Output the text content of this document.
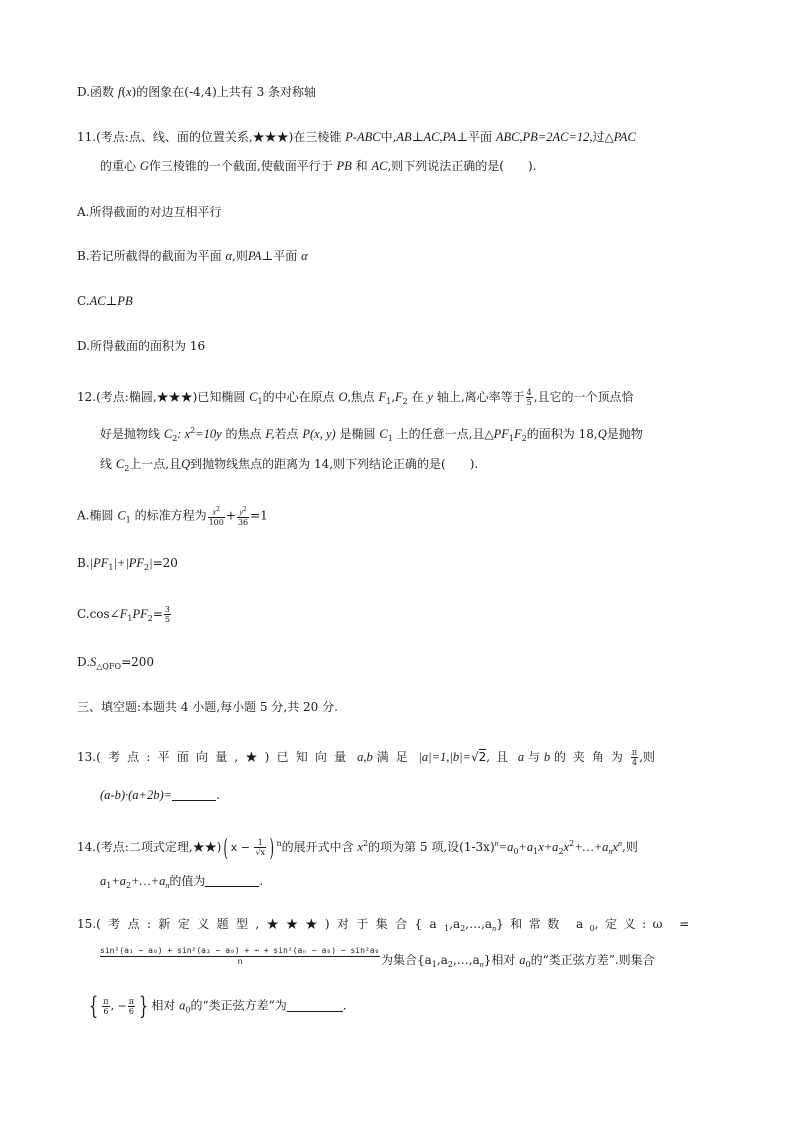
D.函数 f(x)的图象在(-4,4)上共有 3 条对称轴
11.(考点:点、线、面的位置关系,★★★)在三棱锥 P-ABC中,AB⊥AC,PA⊥平面 ABC,PB=2AC=12,过△PAC
的重心 G作三棱锥的一个截面,使截面平行于 PB 和 AC,则下列说法正确的是(　　).
A.所得截面的对边互相平行
B.若记所截得的截面为平面 α,则PA⊥平面 α
C.AC⊥PB
D.所得截面的面积为 16
12.(考点:椭圆,★★★)已知椭圆 $C_1$的中心在原点 O,焦点 $F_1,F_2$ 在 y 轴上,离心率等于 $\frac{4}{5}$ ,且它的一个顶点恰
好是抛物线 $C_2$: $x^2=10y$ 的焦点 F,若点 P(x, y) 是椭圆 $C_1$ 上的任意一点,且$\triangle PF_1F_2$的面积为 18,Q是抛物
线 $C_2$上一点,且Q到抛物线焦点的距离为 14,则下列结论正确的是(　　).
A.椭圆 $C_1$ 的标准方程为 $\frac{x^2}{100} + \frac{y^2}{36} =1$
$B.|PF_1|+|PF_2|=20$
$C.\cos\angle F_1PF_2= \frac{3}{5}$
$D.S_{\triangle QFO}=200$
三、填空题:本题共 4 小题,每小题 5 分,共 20 分.
13.(考点:平面向量,★)已知向量 a,b 满足 |a|=1,|b|=√2,且 a 与 b 的夹角为 $\frac{\pi}{4}$ ,则
(a-b)·(a+2b)=	.
14.(考点:二项式定理,★★)( $x - \frac{1}{√x}$ ) $^n$的展开式中含 $x^2$的项为第 5 项,设$(1-3x)^n=a_0+a_1x+a_2x^2+\dots+a_nx^n$,则
$a_1+a_2+\dots+a_n$的值为	.
15.(考点:新定义题型,★★★)对于集合$\{a_1,a_2,\dots,a_n\}$和常数 $a_0$,定义:ω =
$\frac{\text{sin²(a₁ − a₀) + sin²(a₂ − a₀) + ⋯ + sin²(aₙ − a₀) − sin²a₀}}{n}$ 为集合$\{a_1,a_2,\dots,a_n\}$相对 $a_0$的“类正弦方差”.则集合
{ $\frac{\pi}{6}$ , − $\frac{\pi}{6}$ } 相对 $a_0$的“类正弦方差”为	.
